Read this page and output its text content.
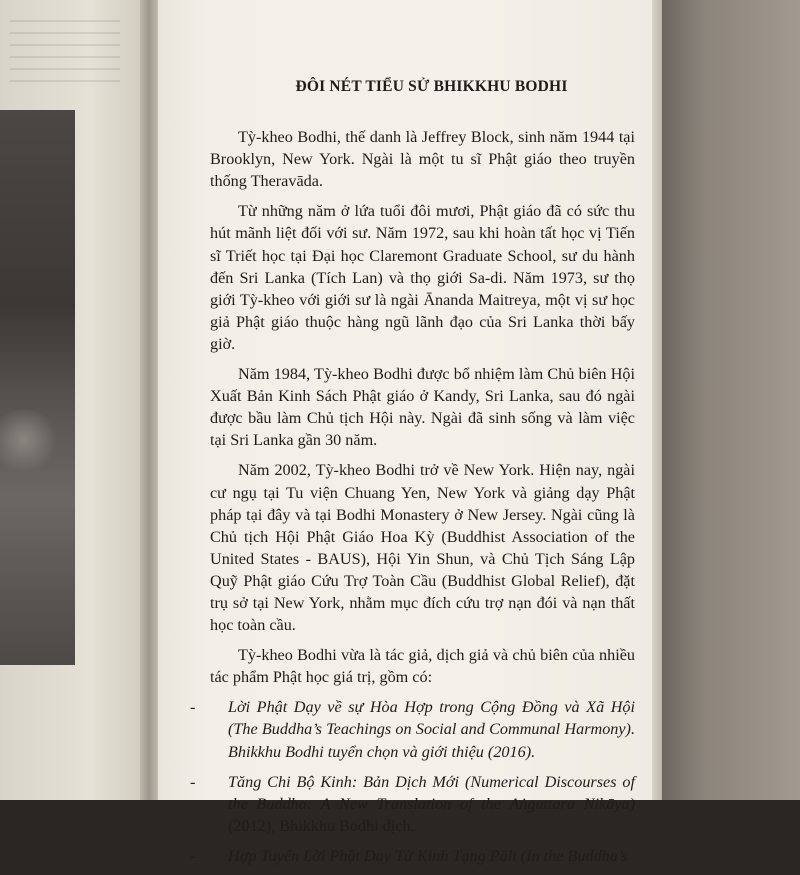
ĐÔI NÉT TIỂU SỬ BHIKKHU BODHI

Tỳ-kheo Bodhi, thế danh là Jeffrey Block, sinh năm 1944 tại Brooklyn, New York. Ngài là một tu sĩ Phật giáo theo truyền thống Theravāda.

Từ những năm ở lứa tuổi đôi mươi, Phật giáo đã có sức thu hút mãnh liệt đối với sư. Năm 1972, sau khi hoàn tất học vị Tiến sĩ Triết học tại Đại học Claremont Graduate School, sư du hành đến Sri Lanka (Tích Lan) và thọ giới Sa-di. Năm 1973, sư thọ giới Tỳ-kheo với giới sư là ngài Ānanda Maitreya, một vị sư học giả Phật giáo thuộc hàng ngũ lãnh đạo của Sri Lanka thời bấy giờ.

Năm 1984, Tỳ-kheo Bodhi được bổ nhiệm làm Chủ biên Hội Xuất Bản Kinh Sách Phật giáo ở Kandy, Sri Lanka, sau đó ngài được bầu làm Chủ tịch Hội này. Ngài đã sinh sống và làm việc tại Sri Lanka gần 30 năm.

Năm 2002, Tỳ-kheo Bodhi trở về New York. Hiện nay, ngài cư ngụ tại Tu viện Chuang Yen, New York và giảng dạy Phật pháp tại đây và tại Bodhi Monastery ở New Jersey. Ngài cũng là Chủ tịch Hội Phật Giáo Hoa Kỳ (Buddhist Association of the United States - BAUS), Hội Yin Shun, và Chủ Tịch Sáng Lập Quỹ Phật giáo Cứu Trợ Toàn Cầu (Buddhist Global Relief), đặt trụ sở tại New York, nhằm mục đích cứu trợ nạn đói và nạn thất học toàn cầu.

Tỳ-kheo Bodhi vừa là tác giả, dịch giả và chủ biên của nhiều tác phẩm Phật học giá trị, gồm có:

- Lời Phật Dạy về sự Hòa Hợp trong Cộng Đồng và Xã Hội (The Buddha’s Teachings on Social and Communal Harmony). Bhikkhu Bodhi tuyển chọn và giới thiệu (2016).
- Tăng Chi Bộ Kinh: Bản Dịch Mới (Numerical Discourses of the Buddha: A New Translation of the Aṅguttara Nikāya) (2012), Bhikkhu Bodhi dịch.
- Hợp Tuyển Lời Phật Dạy Từ Kinh Tạng Pāli (In the Buddha’s
